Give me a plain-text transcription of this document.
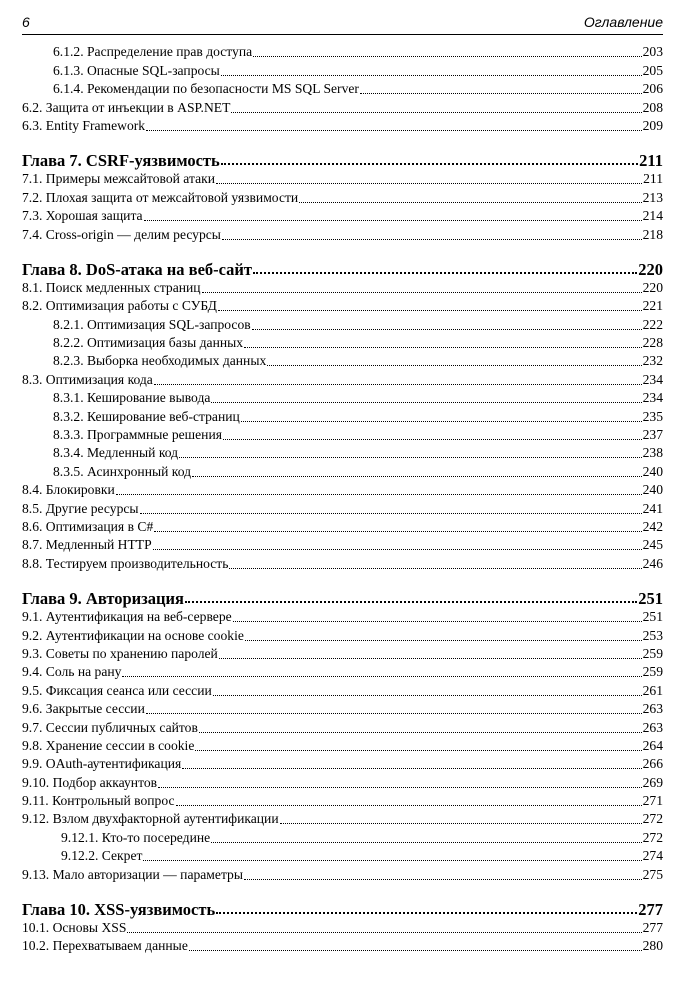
6	Оглавление
6.1.2. Распределение прав доступа	203
6.1.3. Опасные SQL-запросы	205
6.1.4. Рекомендации по безопасности MS SQL Server	206
6.2. Защита от инъекции в ASP.NET	208
6.3. Entity Framework	209
Глава 7. CSRF-уязвимость	211
7.1. Примеры межсайтовой атаки	211
7.2. Плохая защита от межсайтовой уязвимости	213
7.3. Хорошая защита	214
7.4. Cross-origin — делим ресурсы	218
Глава 8. DoS-атака на веб-сайт	220
8.1. Поиск медленных страниц	220
8.2. Оптимизация работы с СУБД	221
8.2.1. Оптимизация SQL-запросов	222
8.2.2. Оптимизация базы данных	228
8.2.3. Выборка необходимых данных	232
8.3. Оптимизация кода	234
8.3.1. Кеширование вывода	234
8.3.2. Кеширование веб-страниц	235
8.3.3. Программные решения	237
8.3.4. Медленный код	238
8.3.5. Асинхронный код	240
8.4. Блокировки	240
8.5. Другие ресурсы	241
8.6. Оптимизация в C#	242
8.7. Медленный HTTP	245
8.8. Тестируем производительность	246
Глава 9. Авторизация	251
9.1. Аутентификация на веб-сервере	251
9.2. Аутентификации на основе cookie	253
9.3. Советы по хранению паролей	259
9.4. Соль на рану	259
9.5. Фиксация сеанса или сессии	261
9.6. Закрытые сессии	263
9.7. Сессии публичных сайтов	263
9.8. Хранение сессии в cookie	264
9.9. OAuth-аутентификация	266
9.10. Подбор аккаунтов	269
9.11. Контрольный вопрос	271
9.12. Взлом двухфакторной аутентификации	272
9.12.1. Кто-то посередине	272
9.12.2. Секрет	274
9.13. Мало авторизации — параметры	275
Глава 10. XSS-уязвимость	277
10.1. Основы XSS	277
10.2. Перехватываем данные	280
